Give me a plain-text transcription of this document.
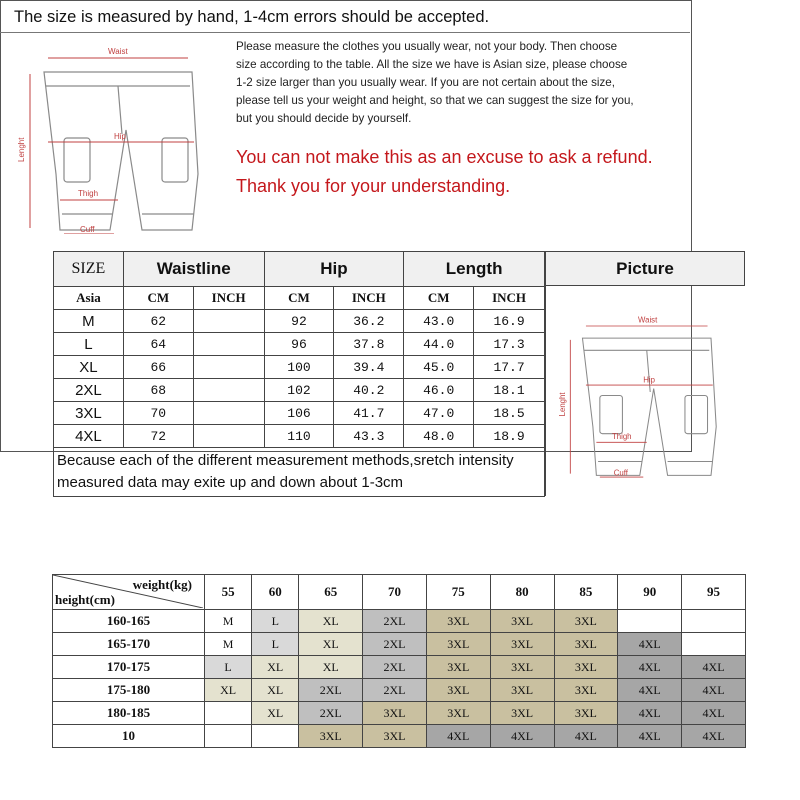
The size is measured by hand, 1-4cm errors should be accepted.
Waist
Hip
Thigh
Cuff
Lenght
Please measure the clothes you usually wear, not your body. Then choose
size according to the table. All the size we have is Asian size, please choose
1-2 size larger than you usually wear. If you are not certain about the size,
please tell us your weight and height, so that we can suggest the size for you,
but you should decide by yourself.
You can not make this as an excuse to ask a refund.
Thank you for your understanding.
SIZE	Waistline		Hip		Length	
Asia	CM	INCH	CM	INCH	CM	INCH
M	62		92	36.2	43.0	16.9
L	64		96	37.8	44.0	17.3
XL	66		100	39.4	45.0	17.7
2XL	68		102	40.2	46.0	18.1
3XL	70		106	41.7	47.0	18.5
4XL	72		110	43.3	48.0	18.9
Because each of the different measurement methods,sretch intensity measured data may exite up and down about 1-3cm						
Picture
Waist
Hip
Thigh
Cuff
Lenght
weight(kg)
height(cm)	55	60	65	70	75	80	85	90	95
160-165	M	L	XL	2XL	3XL	3XL	3XL		
165-170	M	L	XL	2XL	3XL	3XL	3XL	4XL	
170-175	L	XL	XL	2XL	3XL	3XL	3XL	4XL	4XL
175-180	XL	XL	2XL	2XL	3XL	3XL	3XL	4XL	4XL
180-185		XL	2XL	3XL	3XL	3XL	3XL	4XL	4XL
10			3XL	3XL	4XL	4XL	4XL	4XL	4XL
